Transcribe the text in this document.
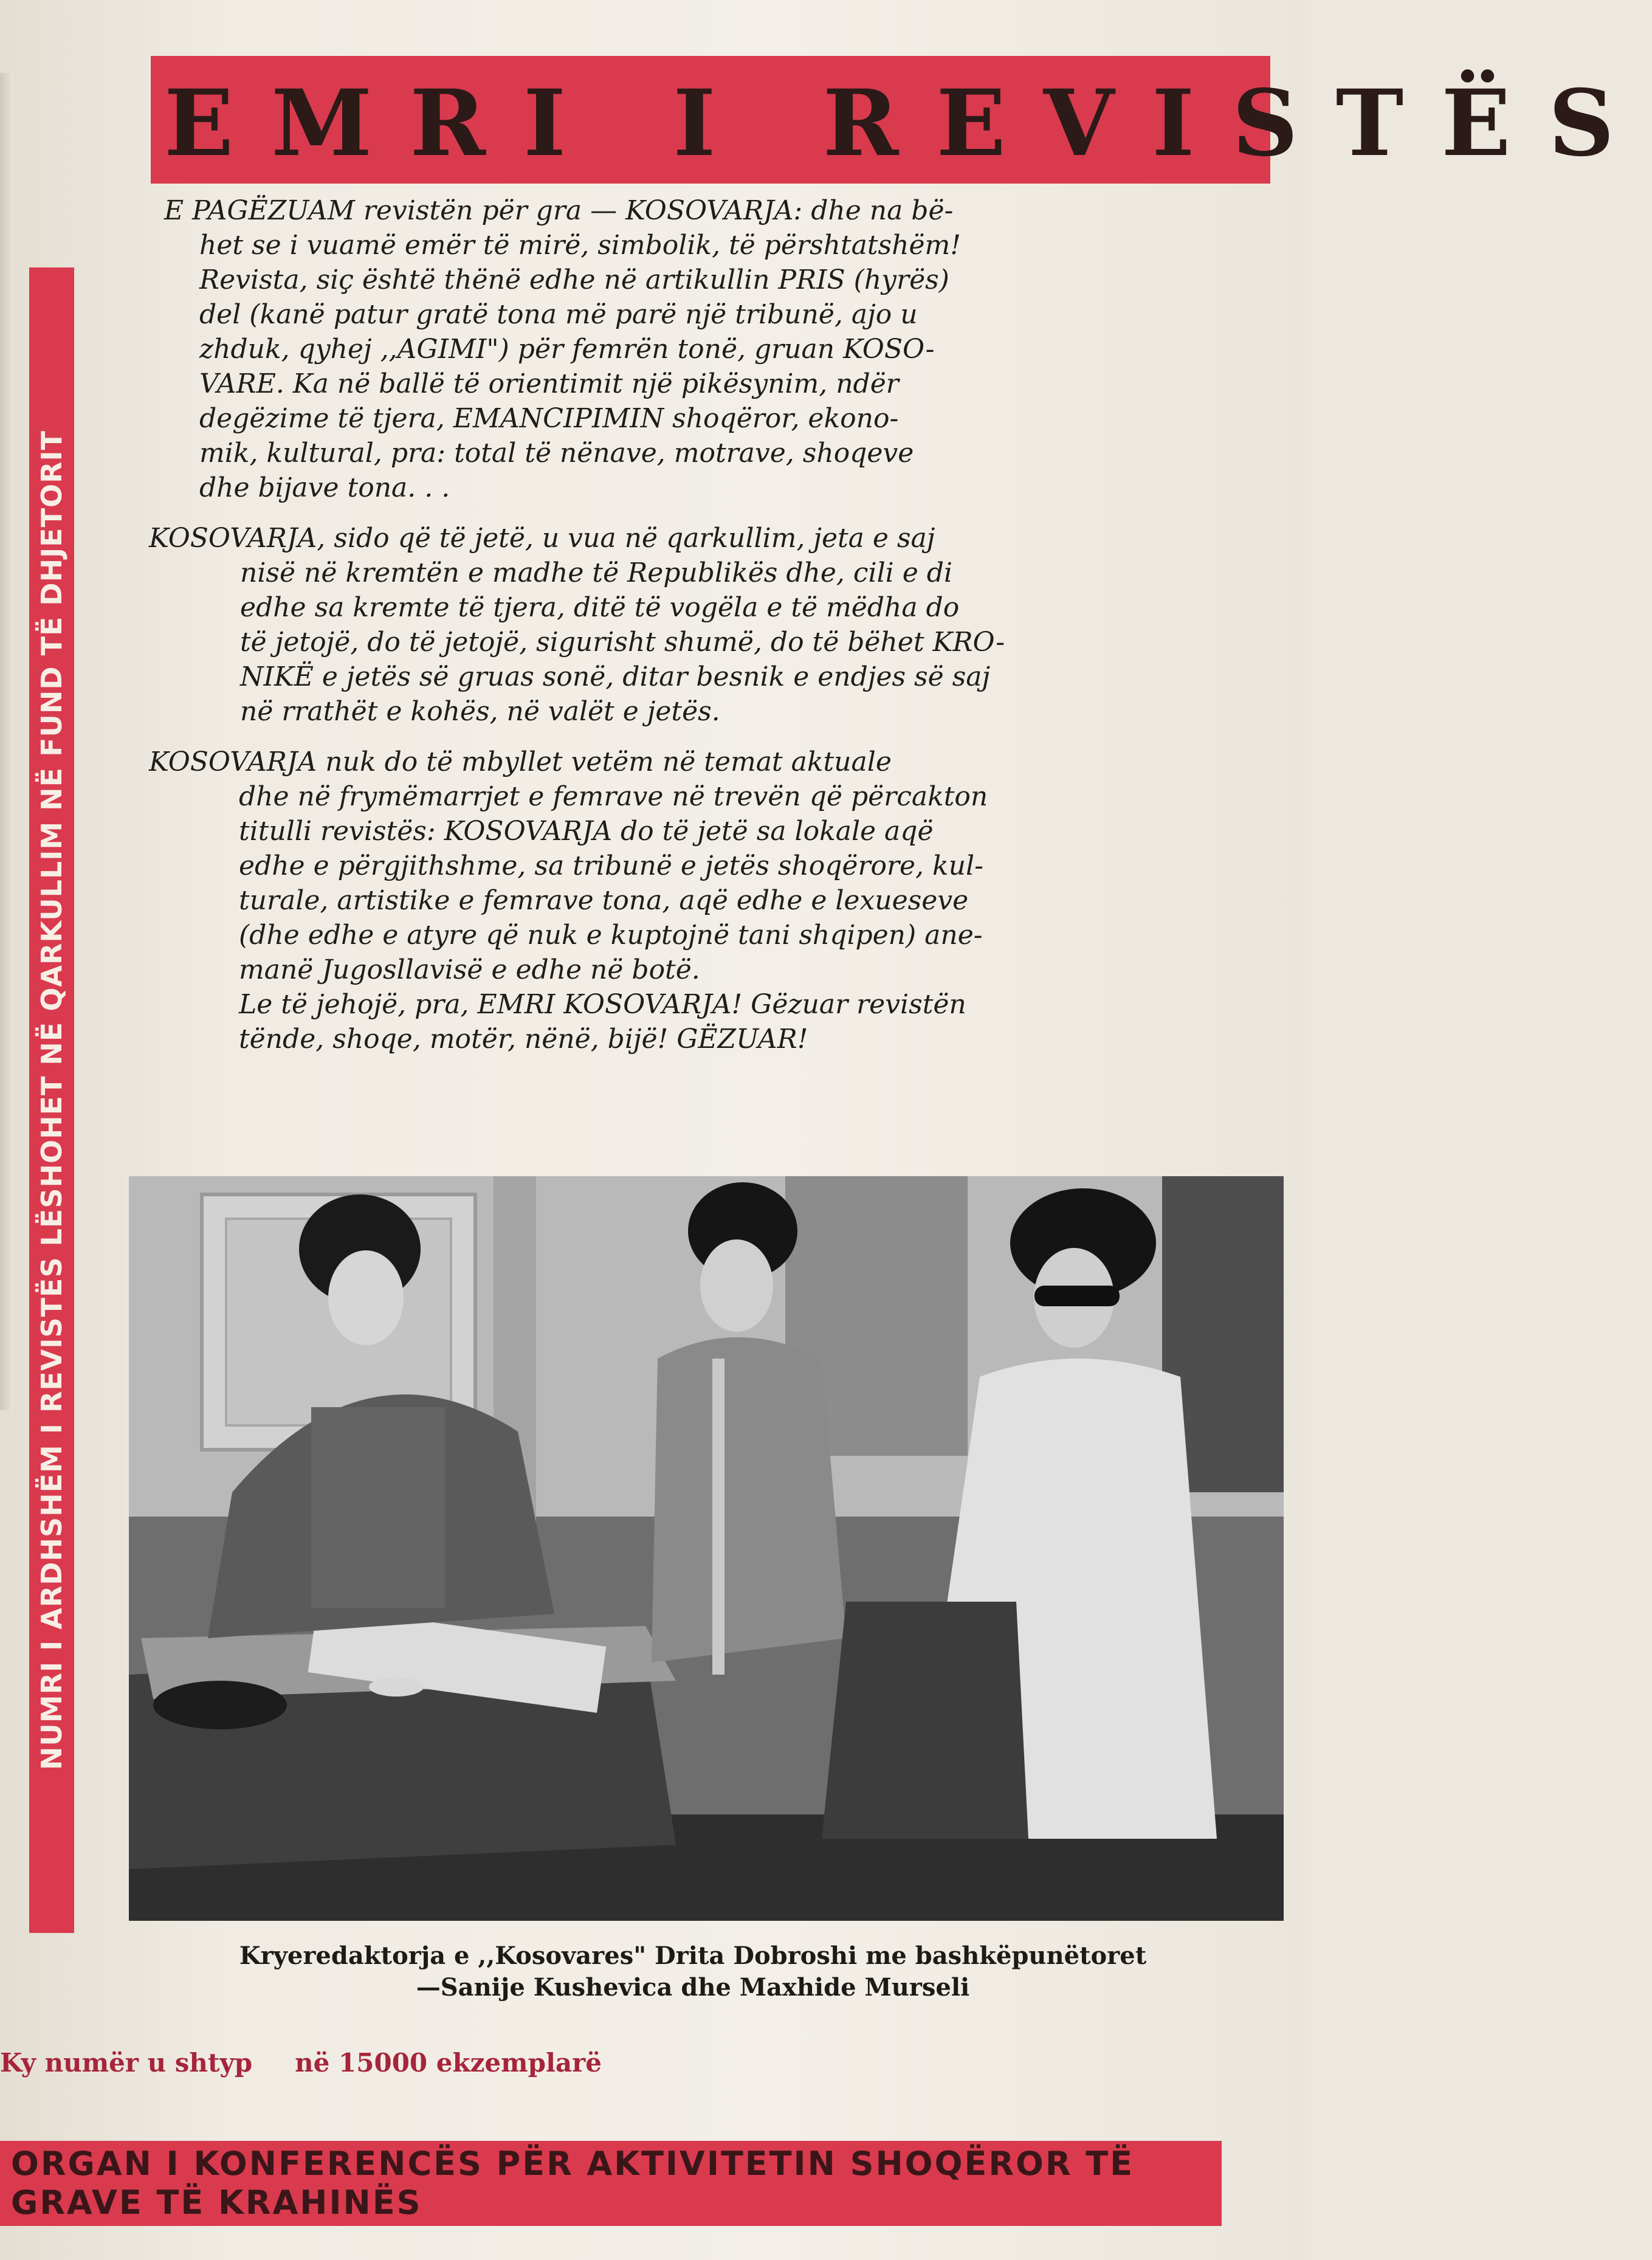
EMRI I REVISTËS
NUMRI I ARDHSHËM I REVISTËS LËSHOHET NË QARKULLIM NË FUND TË DHJETORIT
E PAGËZUAM revistën për gra — KOSOVARJA: dhe na bë-
het se i vuamë emër të mirë, simbolik, të përshtatshëm!
Revista, siç është thënë edhe në artikullin PRIS (hyrës)
del (kanë patur gratë tona më parë një tribunë, ajo u
zhduk, qyhej ,,AGIMI") për femrën tonë, gruan KOSO-
VARE. Ka në ballë të orientimit një pikësynim, ndër
degëzime të tjera, EMANCIPIMIN shoqëror, ekono-
mik, kultural, pra: total të nënave, motrave, shoqeve
dhe bijave tona. . .
KOSOVARJA, sido që të jetë, u vua në qarkullim, jeta e saj
nisë në kremtën e madhe të Republikës dhe, cili e di
edhe sa kremte të tjera, ditë të vogëla e të mëdha do
të jetojë, do të jetojë, sigurisht shumë, do të bëhet KRO-
NIKË e jetës së gruas sonë, ditar besnik e endjes së saj
në rrathët e kohës, në valët e jetës.
KOSOVARJA nuk do të mbyllet vetëm në temat aktuale
dhe në frymëmarrjet e femrave në trevën që përcakton
titulli revistës: KOSOVARJA do të jetë sa lokale aqë
edhe e përgjithshme, sa tribunë e jetës shoqërore, kul-
turale, artistike e femrave tona, aqë edhe e lexueseve
(dhe edhe e atyre që nuk e kuptojnë tani shqipen) ane-
manë Jugosllavisë e edhe në botë.
Le të jehojë, pra, EMRI KOSOVARJA! Gëzuar revistën
tënde, shoqe, motër, nënë, bijë! GËZUAR!
Kryeredaktorja e ,,Kosovares" Drita Dobroshi me bashkëpunëtoret
—Sanije Kushevica dhe Maxhide Murseli
Ky numër u shtyp në 15000 ekzemplarë
ORGAN I KONFERENCËS PËR AKTIVITETIN SHOQËROR TË
GRAVE TË KRAHINËS
